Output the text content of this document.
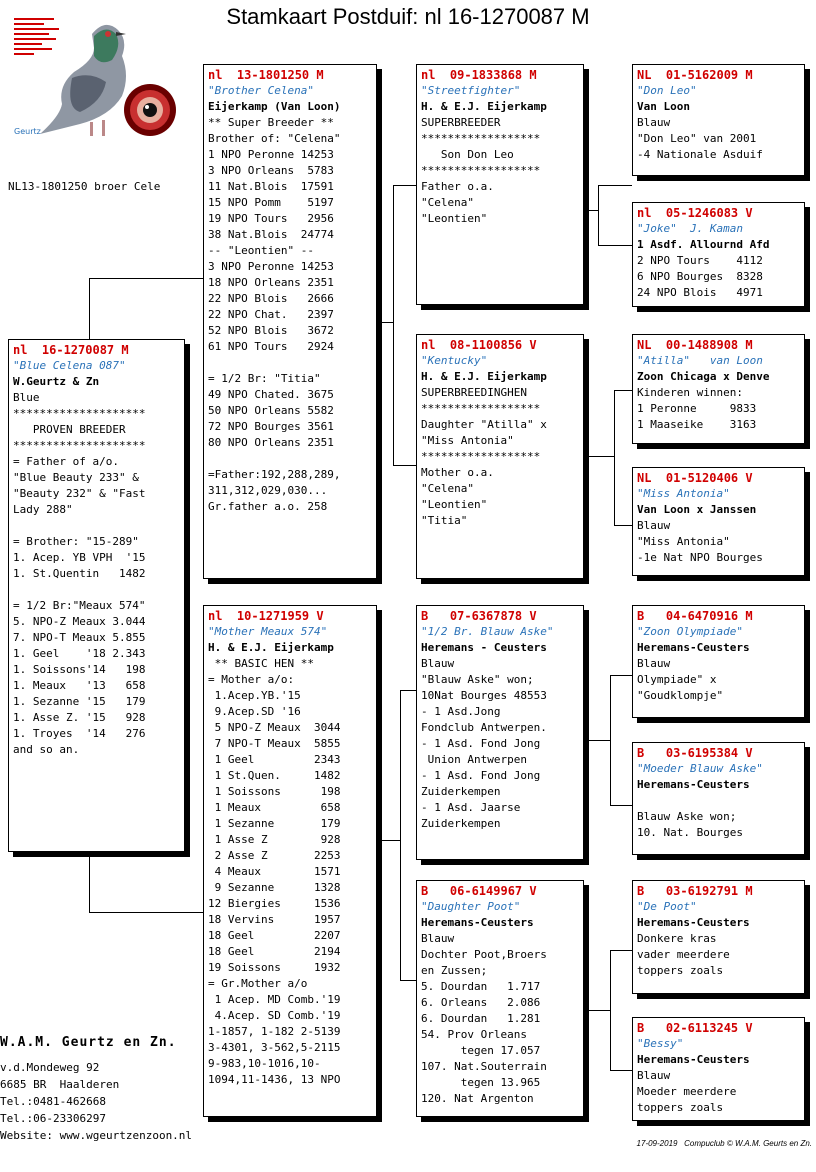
Stamkaart Postduif: nl 16-1270087 M
Geurtz
NL13-1801250 broer Cele
nl  16-1270087 M
"Blue Celena 087"
W.Geurtz & Zn
Blue
********************
PROVEN BREEDER
********************
= Father of a/o.
"Blue Beauty 233" &
"Beauty 232" & "Fast
Lady 288"

= Brother: "15-289"
1. Acep. YB VPH  '15
1. St.Quentin   1482

= 1/2 Br:"Meaux 574"
5. NPO-Z Meaux 3.044
7. NPO-T Meaux 5.855
1. Geel    '18 2.343
1. Soissons'14   198
1. Meaux   '13   658
1. Sezanne '15   179
1. Asse Z. '15   928
1. Troyes  '14   276
and so an.
nl  13-1801250 M
"Brother Celena"
Eijerkamp (Van Loon)
** Super Breeder **
Brother of: "Celena"
1 NPO Peronne 14253
3 NPO Orleans  5783
11 Nat.Blois  17591
15 NPO Pomm    5197
19 NPO Tours   2956
38 Nat.Blois  24774
-- "Leontien" --
3 NPO Peronne 14253
18 NPO Orleans 2351
22 NPO Blois   2666
22 NPO Chat.   2397
52 NPO Blois   3672
61 NPO Tours   2924

= 1/2 Br: "Titia"
49 NPO Chated. 3675
50 NPO Orleans 5582
72 NPO Bourges 3561
80 NPO Orleans 2351

=Father:192,288,289,
311,312,029,030...
Gr.father a.o. 258
nl  10-1271959 V
"Mother Meaux 574"
H. & E.J. Eijerkamp
** BASIC HEN **
= Mother a/o:
1.Acep.YB.'15
9.Acep.SD '16
5 NPO-Z Meaux  3044
7 NPO-T Meaux  5855
1 Geel         2343
1 St.Quen.     1482
1 Soissons      198
1 Meaux         658
1 Sezanne       179
1 Asse Z        928
2 Asse Z       2253
4 Meaux        1571
9 Sezanne      1328
12 Biergies     1536
18 Vervins      1957
18 Geel         2207
18 Geel         2194
19 Soissons     1932
= Gr.Mother a/o
1 Acep. MD Comb.'19
4.Acep. SD Comb.'19
1-1857, 1-182 2-5139
3-4301, 3-562,5-2115
9-983,10-1016,10-
1094,11-1436, 13 NPO
nl  09-1833868 M
"Streetfighter"
H. & E.J. Eijerkamp
SUPERBREEDER
******************
Son Don Leo
******************
Father o.a.
"Celena"
"Leontien"
nl  08-1100856 V
"Kentucky"
H. & E.J. Eijerkamp
SUPERBREEDINGHEN
******************
Daughter "Atilla" x
"Miss Antonia"
******************
Mother o.a.
"Celena"
"Leontien"
"Titia"
B   07-6367878 V
"1/2 Br. Blauw Aske"
Heremans - Ceusters
Blauw
"Blauw Aske" won;
10Nat Bourges 48553
- 1 Asd.Jong
Fondclub Antwerpen.
- 1 Asd. Fond Jong
Union Antwerpen
- 1 Asd. Fond Jong
Zuiderkempen
- 1 Asd. Jaarse
Zuiderkempen
B   06-6149967 V
"Daughter Poot"
Heremans-Ceusters
Blauw
Dochter Poot,Broers
en Zussen;
5. Dourdan   1.717
6. Orleans   2.086
6. Dourdan   1.281
54. Prov Orleans
tegen 17.057
107. Nat.Souterrain
tegen 13.965
120. Nat Argenton
NL  01-5162009 M
"Don Leo"
Van Loon
Blauw
"Don Leo" van 2001
-4 Nationale Asduif
nl  05-1246083 V
"Joke"  J. Kaman
1 Asdf. Allournd Afd
2 NPO Tours    4112
6 NPO Bourges  8328
24 NPO Blois   4971
NL  00-1488908 M
"Atilla"   van Loon
Zoon Chicaga x Denve
Kinderen winnen:
1 Peronne     9833
1 Maaseike    3163
NL  01-5120406 V
"Miss Antonia"
Van Loon x Janssen
Blauw
"Miss Antonia"
-1e Nat NPO Bourges
B   04-6470916 M
"Zoon Olympiade"
Heremans-Ceusters
Blauw
Olympiade" x
"Goudklompje"
B   03-6195384 V
"Moeder Blauw Aske"
Heremans-Ceusters

Blauw Aske won;
10. Nat. Bourges
B   03-6192791 M
"De Poot"
Heremans-Ceusters
Donkere kras
vader meerdere
toppers zoals
B   02-6113245 V
"Bessy"
Heremans-Ceusters
Blauw
Moeder meerdere
toppers zoals
W.A.M. Geurtz en Zn.
v.d.Mondeweg 92
6685 BR  Haalderen
Tel.:0481-462668
Tel.:06-23306297
Website: www.wgeurtzenzoon.nl
17-09-2019   Compuclub © W.A.M. Geurts en Zn.
